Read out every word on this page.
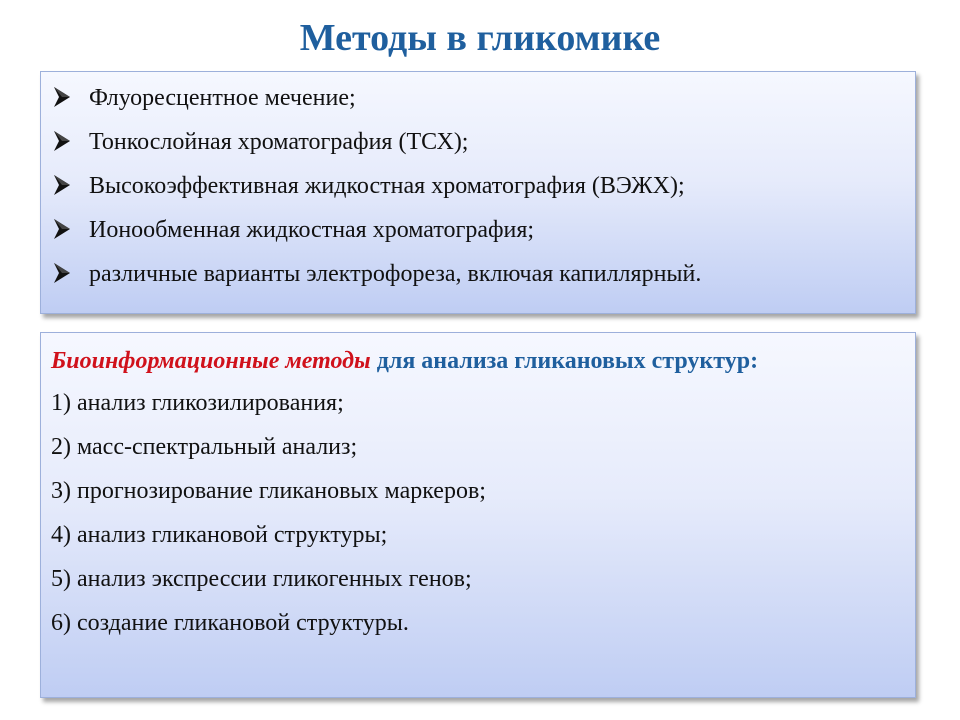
Методы в гликомике
Флуоресцентное мечение;
Тонкослойная хроматография (ТСХ);
Высокоэффективная жидкостная хроматография (ВЭЖХ);
Ионообменная жидкостная хроматография;
различные варианты электрофореза, включая капиллярный.
Биоинформационные методы для анализа гликановых структур:
1) анализ гликозилирования;
2) масс-спектральный анализ;
3) прогнозирование гликановых маркеров;
4) анализ гликановой структуры;
5) анализ экспрессии гликогенных генов;
6) создание гликановой структуры.
